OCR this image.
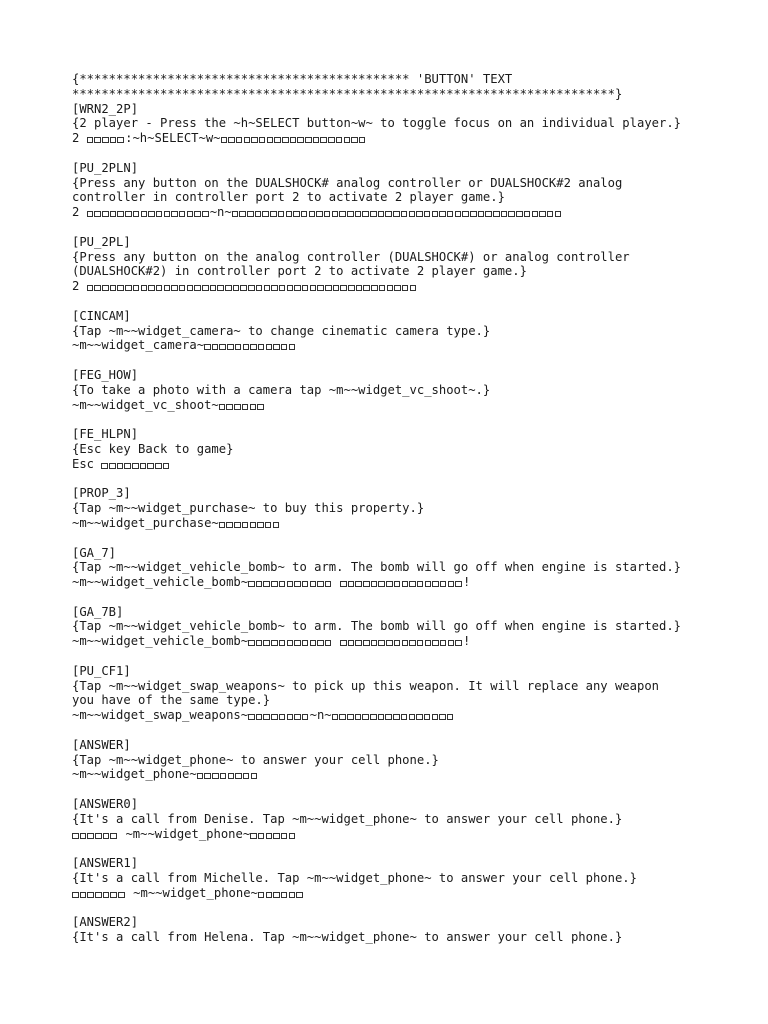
{********************************************* 'BUTTON' TEXT
**************************************************************************}
[WRN2_2P]
{2 player - Press the ~h~SELECT button~w~ to toggle focus on an individual player.}
2	:~h~SELECT~w~
[PU_2PLN]
{Press any button on the DUALSHOCK# analog controller or DUALSHOCK#2 analog
controller in controller port 2 to activate 2 player game.}
2	~n~
[PU_2PL]
{Press any button on the analog controller (DUALSHOCK#) or analog controller
(DUALSHOCK#2) in controller port 2 to activate 2 player game.}
2
[CINCAM]
{Tap ~m~~widget_camera~ to change cinematic camera type.}
~m~~widget_camera~
[FEG_HOW]
{To take a photo with a camera tap ~m~~widget_vc_shoot~.}
~m~~widget_vc_shoot~
[FE_HLPN]
{Esc key Back to game}
Esc
[PROP_3]
{Tap ~m~~widget_purchase~ to buy this property.}
~m~~widget_purchase~
[GA_7]
{Tap ~m~~widget_vehicle_bomb~ to arm. The bomb will go off when engine is started.}
~m~~widget_vehicle_bomb~	!
[GA_7B]
{Tap ~m~~widget_vehicle_bomb~ to arm. The bomb will go off when engine is started.}
~m~~widget_vehicle_bomb~	!
[PU_CF1]
{Tap ~m~~widget_swap_weapons~ to pick up this weapon. It will replace any weapon
you have of the same type.}
~m~~widget_swap_weapons~	~n~
[ANSWER]
{Tap ~m~~widget_phone~ to answer your cell phone.}
~m~~widget_phone~
[ANSWER0]
{It's a call from Denise. Tap ~m~~widget_phone~ to answer your cell phone.}
~m~~widget_phone~
[ANSWER1]
{It's a call from Michelle. Tap ~m~~widget_phone~ to answer your cell phone.}
~m~~widget_phone~
[ANSWER2]
{It's a call from Helena. Tap ~m~~widget_phone~ to answer your cell phone.}
